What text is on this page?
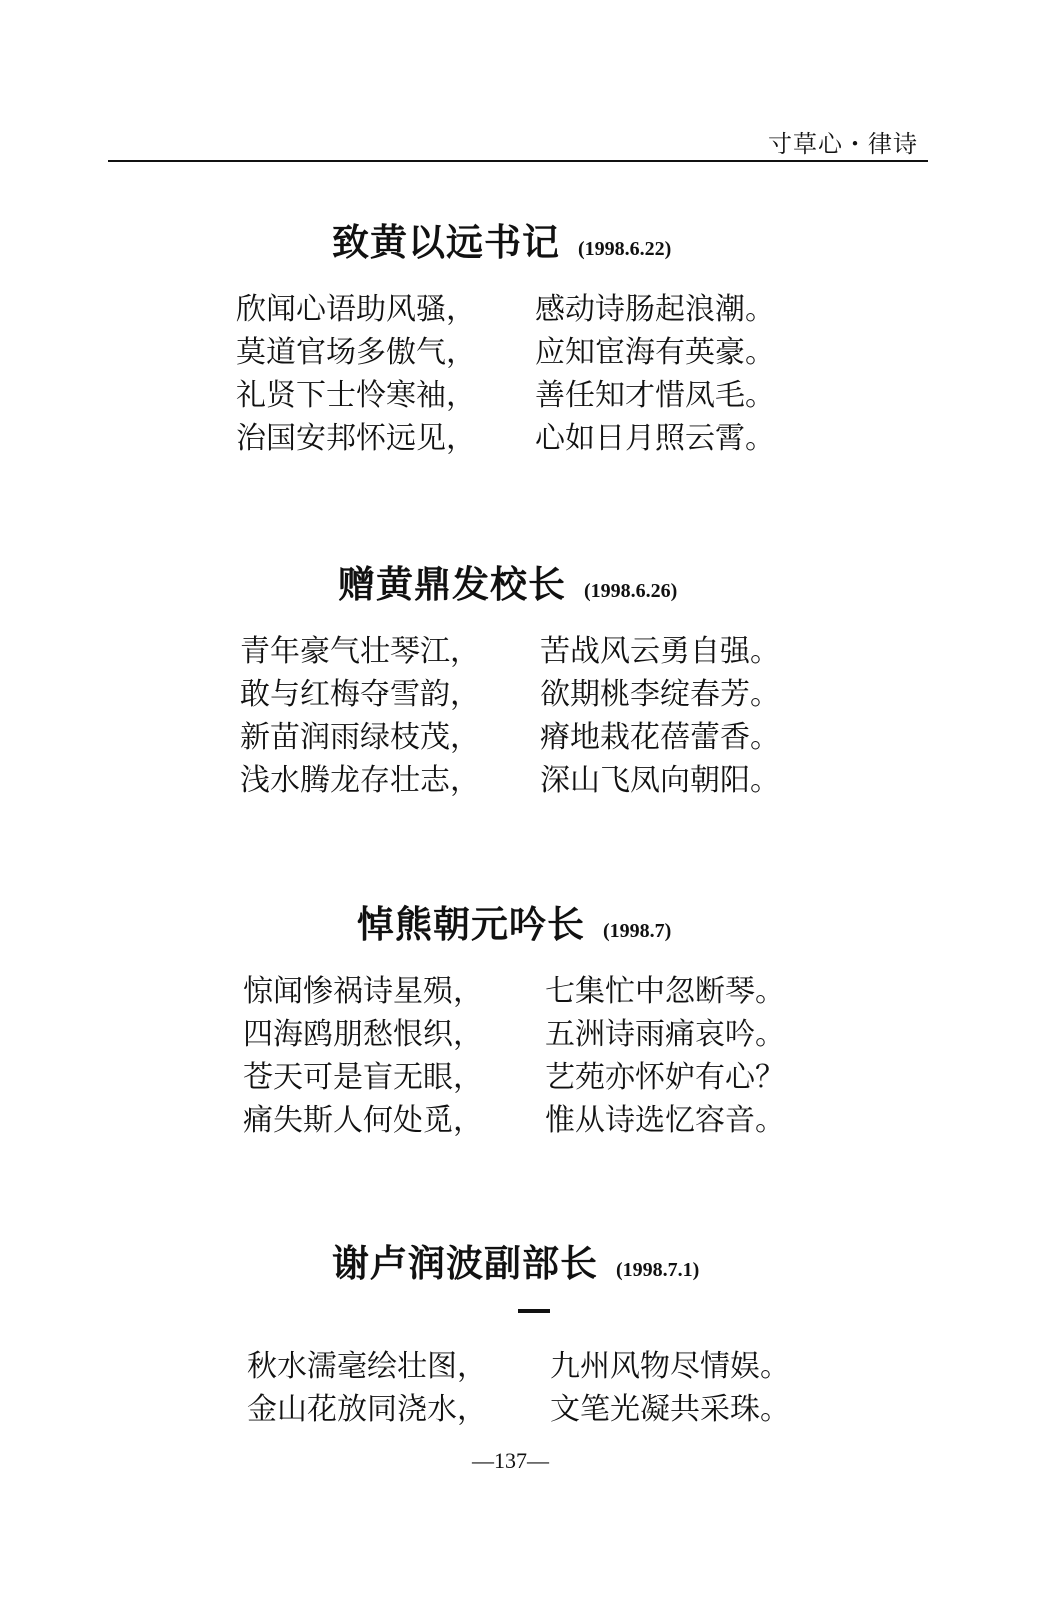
寸草心・律诗
致黄以远书记 (1998.6.22)
欣闻心语助风骚， 感动诗肠起浪潮。
莫道官场多傲气， 应知宦海有英豪。
礼贤下士怜寒袖， 善任知才惜凤毛。
治国安邦怀远见， 心如日月照云霄。
赠黄鼎发校长 (1998.6.26)
青年豪气壮琴江， 苦战风云勇自强。
敢与红梅夺雪韵， 欲期桃李绽春芳。
新苗润雨绿枝茂， 瘠地栽花蓓蕾香。
浅水腾龙存壮志， 深山飞凤向朝阳。
悼熊朝元吟长 (1998.7)
惊闻惨祸诗星殒， 七集忙中忽断琴。
四海鸥朋愁恨织， 五洲诗雨痛哀吟。
苍天可是盲无眼， 艺苑亦怀妒有心？
痛失斯人何处觅， 惟从诗选忆容音。
谢卢润波副部长 (1998.7.1)
秋水濡毫绘壮图， 九州风物尽情娱。
金山花放同浇水， 文笔光凝共采珠。
—137—
